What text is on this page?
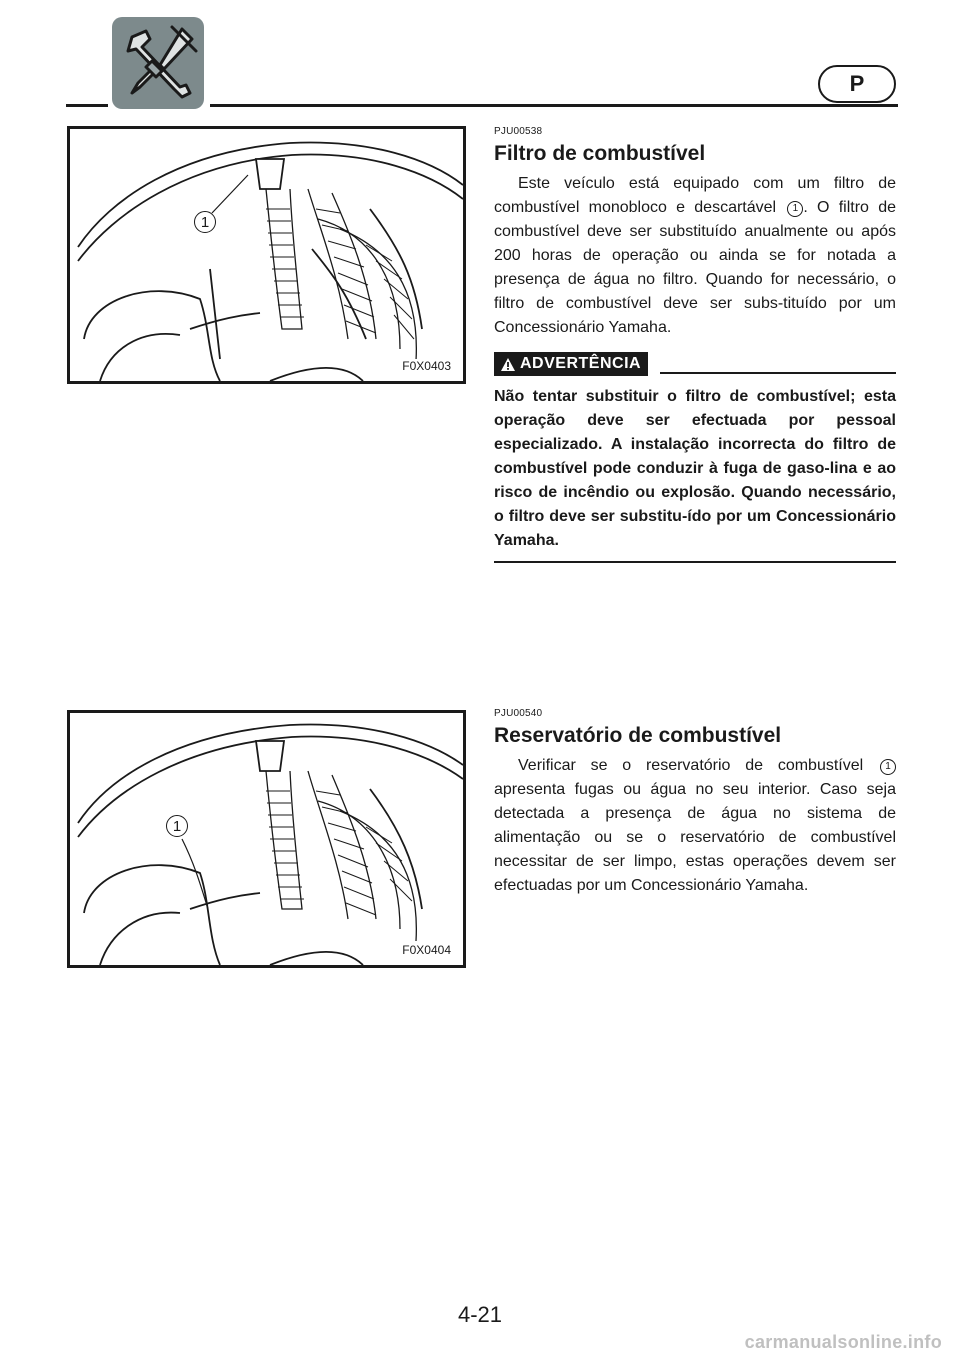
P
1
F0X0403

PJU00538

Filtro de combustível

Este veículo está equipado com um filtro de combustível monobloco e descartável 1 . O filtro de combustível deve ser substituído anualmente ou após 200 horas de operação ou ainda se for notada a presença de água no filtro. Quando for necessário, o filtro de combustível deve ser subs-tituído por um Concessionário Yamaha.

ADVERTÊNCIA

Não tentar substituir o filtro de combustível; esta operação deve ser efectuada por pessoal especializado. A instalação incorrecta do filtro de combustível pode conduzir à fuga de gaso-lina e ao risco de incêndio ou explosão. Quando necessário, o filtro deve ser substitu-ído por um Concessionário Yamaha.

1
F0X0404

PJU00540

Reservatório de combustível

Verificar se o reservatório de combustível 1 apresenta fugas ou água no seu interior. Caso seja detectada a presença de água no sistema de alimentação ou se o reservatório de combustível necessitar de ser limpo, estas operações devem ser efectuadas por um Concessionário Yamaha.

4-21
carmanualsonline.info
